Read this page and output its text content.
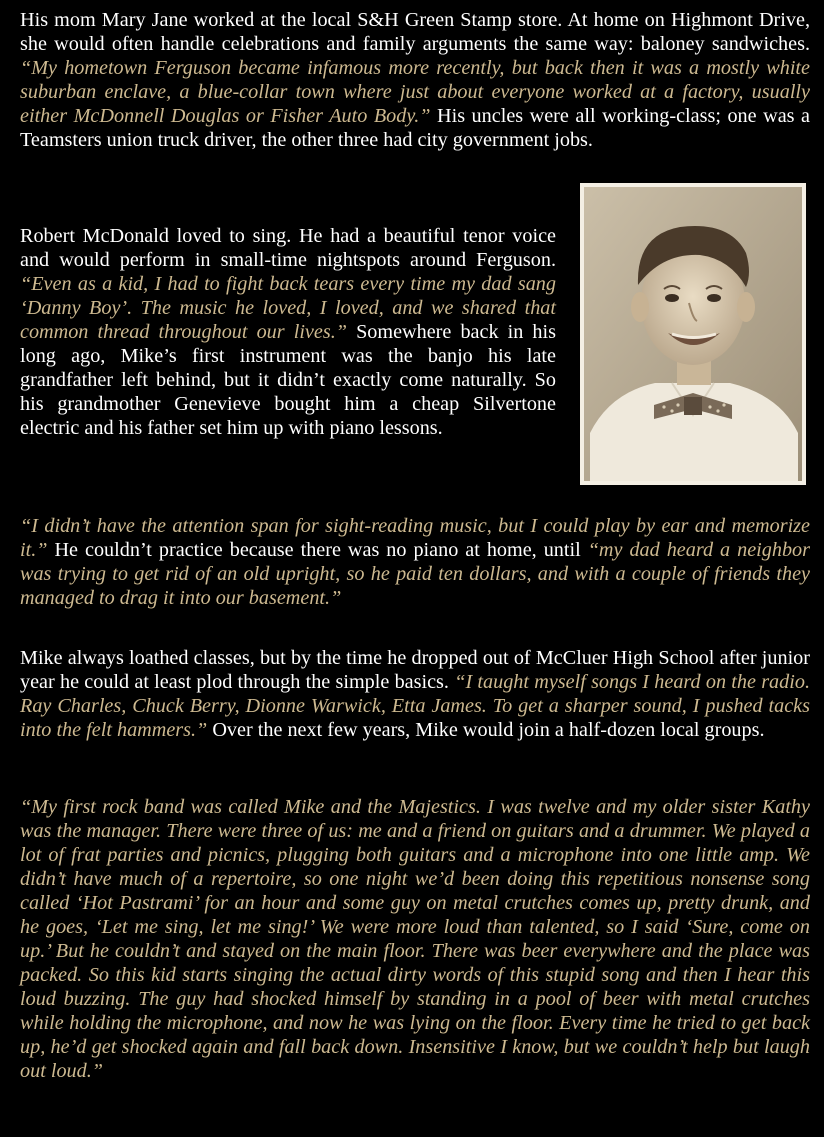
His mom Mary Jane worked at the local S&H Green Stamp store. At home on Highmont Drive, she would often handle celebrations and family arguments the same way: baloney sandwiches. “My hometown Ferguson became infamous more recently, but back then it was a mostly white suburban enclave, a blue-collar town where just about everyone worked at a factory, usually either McDonnell Douglas or Fisher Auto Body.” His uncles were all working-class; one was a Teamsters union truck driver, the other three had city government jobs.

Robert McDonald loved to sing. He had a beautiful tenor voice and would perform in small-time nightspots around Ferguson. “Even as a kid, I had to fight back tears every time my dad sang ‘Danny Boy’. The music he loved, I loved, and we shared that common thread throughout our lives.” Somewhere back in his long ago, Mike’s first instrument was the banjo his late grandfather left behind, but it didn’t exactly come naturally. So his grandmother Genevieve bought him a cheap Silvertone electric and his father set him up with piano lessons.

“I didn’t have the attention span for sight-reading music, but I could play by ear and memorize it.” He couldn’t practice because there was no piano at home, until “my dad heard a neighbor was trying to get rid of an old upright, so he paid ten dollars, and with a couple of friends they managed to drag it into our basement.”

Mike always loathed classes, but by the time he dropped out of McCluer High School after junior year he could at least plod through the simple basics. “I taught myself songs I heard on the radio. Ray Charles, Chuck Berry, Dionne Warwick, Etta James. To get a sharper sound, I pushed tacks into the felt hammers.” Over the next few years, Mike would join a half-dozen local groups.

“My first rock band was called Mike and the Majestics. I was twelve and my older sister Kathy was the manager. There were three of us: me and a friend on guitars and a drummer. We played a lot of frat parties and picnics, plugging both guitars and a microphone into one little amp. We didn’t have much of a repertoire, so one night we’d been doing this repetitious nonsense song called ‘Hot Pastrami’ for an hour and some guy on metal crutches comes up, pretty drunk, and he goes, ‘Let me sing, let me sing!’ We were more loud than talented, so I said ‘Sure, come on up.’ But he couldn’t and stayed on the main floor. There was beer everywhere and the place was packed. So this kid starts singing the actual dirty words of this stupid song and then I hear this loud buzzing. The guy had shocked himself by standing in a pool of beer with metal crutches while holding the microphone, and now he was lying on the floor. Every time he tried to get back up, he’d get shocked again and fall back down. Insensitive I know, but we couldn’t help but laugh out loud.”
